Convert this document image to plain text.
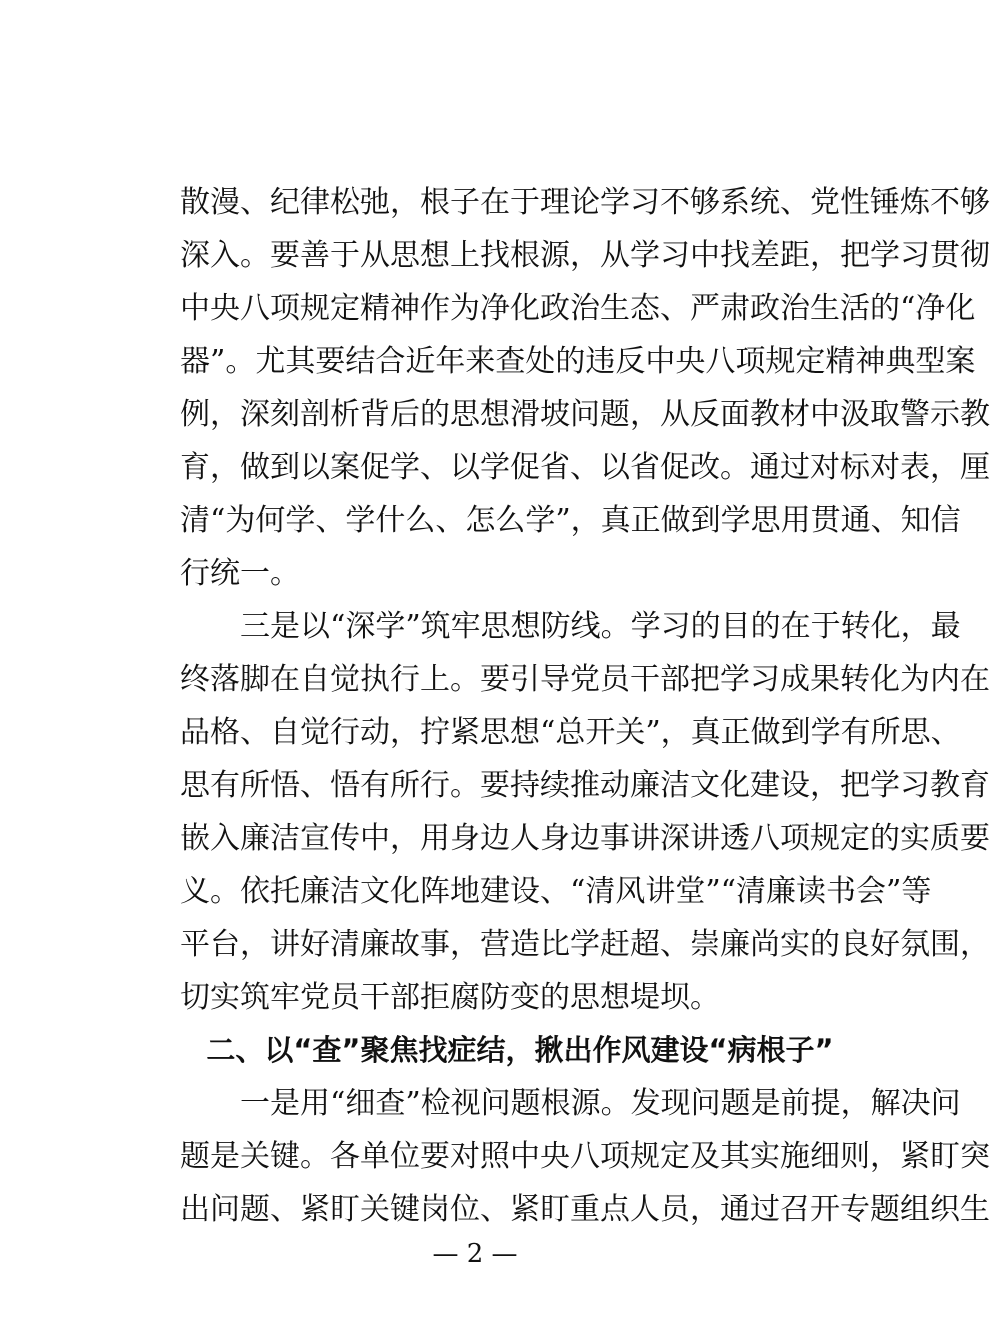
散漫、纪律松弛，根子在于理论学习不够系统、党性锤炼不够
深入。要善于从思想上找根源，从学习中找差距，把学习贯彻
中央八项规定精神作为净化政治生态、严肃政治生活的“净化
器”。尤其要结合近年来查处的违反中央八项规定精神典型案
例，深刻剖析背后的思想滑坡问题，从反面教材中汲取警示教
育，做到以案促学、以学促省、以省促改。通过对标对表，厘
清“为何学、学什么、怎么学”，真正做到学思用贯通、知信
行统一。
三是以“深学”筑牢思想防线。学习的目的在于转化，最
终落脚在自觉执行上。要引导党员干部把学习成果转化为内在
品格、自觉行动，拧紧思想“总开关”，真正做到学有所思、
思有所悟、悟有所行。要持续推动廉洁文化建设，把学习教育
嵌入廉洁宣传中，用身边人身边事讲深讲透八项规定的实质要
义。依托廉洁文化阵地建设、“清风讲堂”“清廉读书会”等
平台，讲好清廉故事，营造比学赶超、崇廉尚实的良好氛围，
切实筑牢党员干部拒腐防变的思想堤坝。
二、以“查”聚焦找症结，揪出作风建设“病根子”
一是用“细查”检视问题根源。发现问题是前提，解决问
题是关键。各单位要对照中央八项规定及其实施细则，紧盯突
出问题、紧盯关键岗位、紧盯重点人员，通过召开专题组织生
— 2 —
